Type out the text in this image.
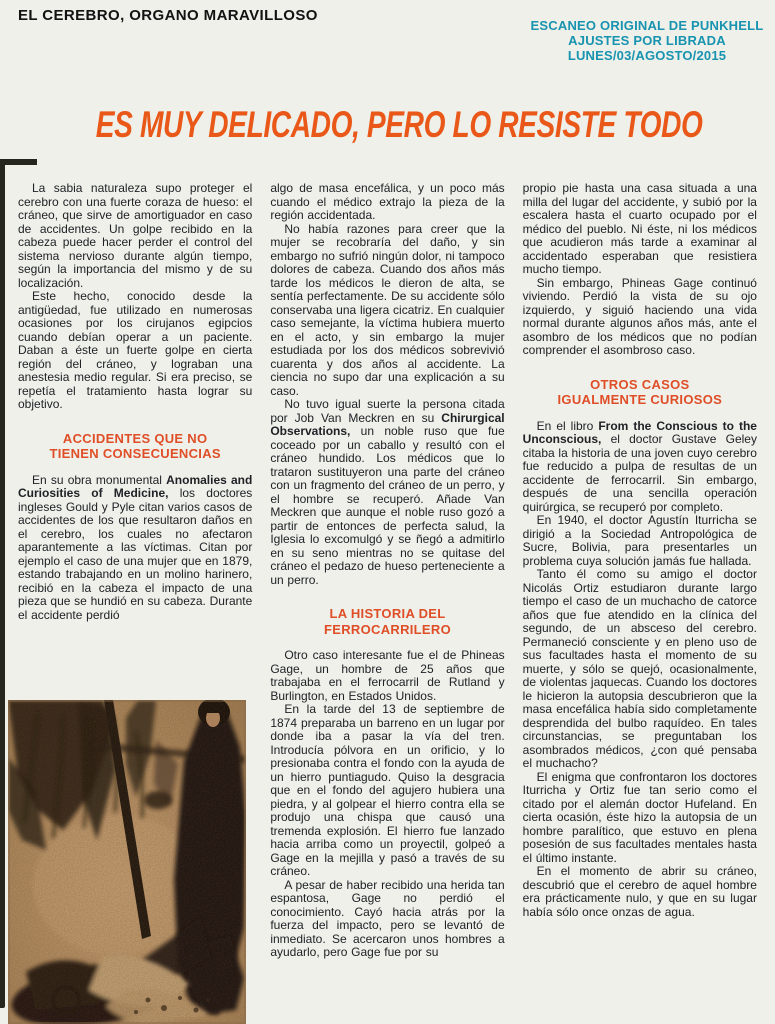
EL CEREBRO, ORGANO MARAVILLOSO
ESCANEO ORIGINAL DE PUNKHELL
AJUSTES POR LIBRADA
LUNES/03/AGOSTO/2015
ES MUY DELICADO, PERO LO RESISTE TODO

La sabia naturaleza supo proteger el cerebro con una fuerte coraza de hueso: el cráneo, que sirve de amortiguador en caso de accidentes. Un golpe recibido en la cabeza puede hacer perder el control del sistema nervioso durante algún tiempo, según la importancia del mismo y de su localización.

Este hecho, conocido desde la antigüedad, fue utilizado en numerosas ocasiones por los cirujanos egipcios cuando debían operar a un paciente. Daban a éste un fuerte golpe en cierta región del cráneo, y lograban una anestesia medio regular. Si era preciso, se repetía el tratamiento hasta lograr su objetivo.

ACCIDENTES QUE NO
TIENEN CONSECUENCIAS

En su obra monumental Anomalies and Curiosities of Medicine, los doctores ingleses Gould y Pyle citan varios casos de accidentes de los que resultaron daños en el cerebro, los cuales no afectaron aparantemente a las víctimas. Citan por ejemplo el caso de una mujer que en 1879, estando trabajando en un molino harinero, recibió en la cabeza el impacto de una pieza que se hundió en su cabeza. Durante el accidente perdió

algo de masa encefálica, y un poco más cuando el médico extrajo la pieza de la región accidentada.

No había razones para creer que la mujer se recobraría del daño, y sin embargo no sufrió ningún dolor, ni tampoco dolores de cabeza. Cuando dos años más tarde los médicos le dieron de alta, se sentía perfectamente. De su accidente sólo conservaba una ligera cicatriz. En cualquier caso semejante, la víctima hubiera muerto en el acto, y sin embargo la mujer estudiada por los dos médicos sobrevivió cuarenta y dos años al accidente. La ciencia no supo dar una explicación a su caso.

No tuvo igual suerte la persona citada por Job Van Meckren en su Chirurgical Observations, un noble ruso que fue coceado por un caballo y resultó con el cráneo hundido. Los médicos que lo trataron sustituyeron una parte del cráneo con un fragmento del cráneo de un perro, y el hombre se recuperó. Añade Van Meckren que aunque el noble ruso gozó a partir de entonces de perfecta salud, la Iglesia lo excomulgó y se ñegó a admitirlo en su seno mientras no se quitase del cráneo el pedazo de hueso perteneciente a un perro.

LA HISTORIA DEL
FERROCARRILERO

Otro caso interesante fue el de Phineas Gage, un hombre de 25 años que trabajaba en el ferrocarril de Rutland y Burlington, en Estados Unidos.

En la tarde del 13 de septiembre de 1874 preparaba un barreno en un lugar por donde iba a pasar la vía del tren. Introducía pólvora en un orificio, y lo presionaba contra el fondo con la ayuda de un hierro puntiagudo. Quiso la desgracia que en el fondo del agujero hubiera una piedra, y al golpear el hierro contra ella se produjo una chispa que causó una tremenda explosión. El hierro fue lanzado hacia arriba como un proyectil, golpeó a Gage en la mejilla y pasó a través de su cráneo.

A pesar de haber recibido una herida tan espantosa, Gage no perdió el conocimiento. Cayó hacia atrás por la fuerza del impacto, pero se levantó de inmediato. Se acercaron unos hombres a ayudarlo, pero Gage fue por su

propio pie hasta una casa situada a una milla del lugar del accidente, y subió por la escalera hasta el cuarto ocupado por el médico del pueblo. Ni éste, ni los médicos que acudieron más tarde a examinar al accidentado esperaban que resistiera mucho tiempo.

Sin embargo, Phineas Gage continuó viviendo. Perdió la vista de su ojo izquierdo, y siguió haciendo una vida normal durante algunos años más, ante el asombro de los médicos que no podían comprender el asombroso caso.

OTROS CASOS
IGUALMENTE CURIOSOS

En el libro From the Conscious to the Unconscious, el doctor Gustave Geley citaba la historia de una joven cuyo cerebro fue reducido a pulpa de resultas de un accidente de ferrocarril. Sin embargo, después de una sencilla operación quirúrgica, se recuperó por completo.

En 1940, el doctor Agustín Iturricha se dirigió a la Sociedad Antropológica de Sucre, Bolivia, para presentarles un problema cuya solución jamás fue hallada.

Tanto él como su amigo el doctor Nicolás Ortiz estudiaron durante largo tiempo el caso de un muchacho de catorce años que fue atendido en la clínica del segundo, de un absceso del cerebro. Permaneció consciente y en pleno uso de sus facultades hasta el momento de su muerte, y sólo se quejó, ocasionalmente, de violentas jaquecas. Cuando los doctores le hicieron la autopsia descubrieron que la masa encefálica había sido completamente desprendida del bulbo raquídeo. En tales circunstancias, se preguntaban los asombrados médicos, ¿con qué pensaba el muchacho?

El enigma que confrontaron los doctores Iturricha y Ortiz fue tan serio como el citado por el alemán doctor Hufeland. En cierta ocasión, éste hizo la autopsia de un hombre paralítico, que estuvo en plena posesión de sus facultades mentales hasta el último instante.

En el momento de abrir su cráneo, descubrió que el cerebro de aquel hombre era prácticamente nulo, y que en su lugar había sólo once onzas de agua.
